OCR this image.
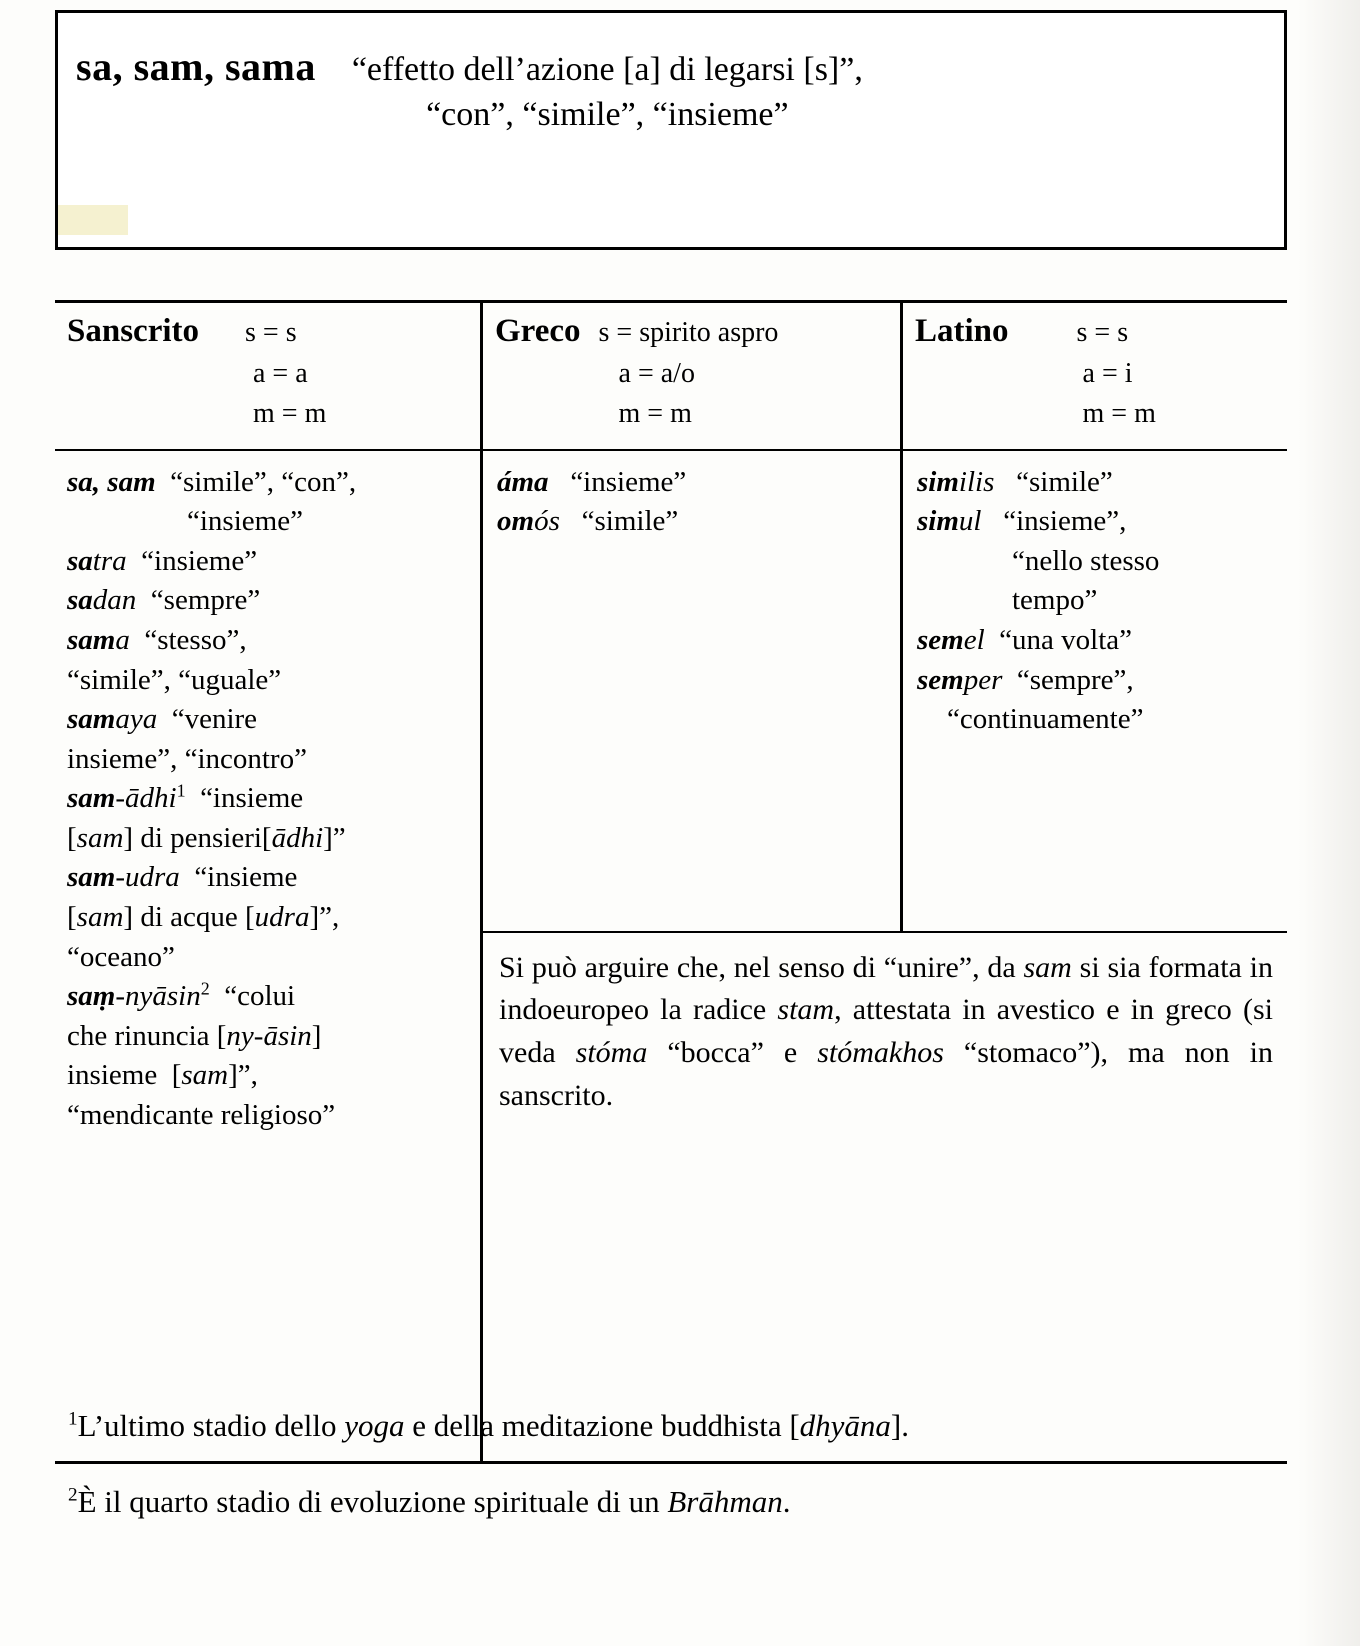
sa, sam, sama “effetto dell’azione [a] di legarsi [s]”,
“con”, “simile”, “insieme”
Sanscrito s = s
a = a
m = m
Greco s = spirito aspro
a = a/o
m = m
Latino s = s
a = i
m = m
sa, sam  “simile”, “con”,
“insieme”
satra  “insieme”
sadan  “sempre”
sama  “stesso”,
“simile”, “uguale”
samaya  “venire
insieme”, “incontro”
sam-ādhi$^1$  “insieme
[sam] di pensieri[ādhi]”
sam-udra  “insieme
[sam] di acque [udra]”,
“oceano”
saṃ-nyāsin$^2$  “colui
che rinuncia [ny-āsin]
insieme  [sam]”,
“mendicante religioso”
áma   “insieme”
omós   “simile”
similis   “simile”
simul   “insieme”,
“nello stesso
tempo”
semel  “una volta”
semper  “sempre”,
“continuamente”
Si può arguire che, nel senso di “unire”, da sam si sia formata in indoeuropeo la radice stam, attestata in avestico e in greco (si veda stóma “bocca” e stómakhos “stomaco”), ma non in sanscrito.

$^1$L’ultimo stadio dello yoga e della meditazione buddhista [dhyāna].

$^2$È il quarto stadio di evoluzione spirituale di un Brāhman.
